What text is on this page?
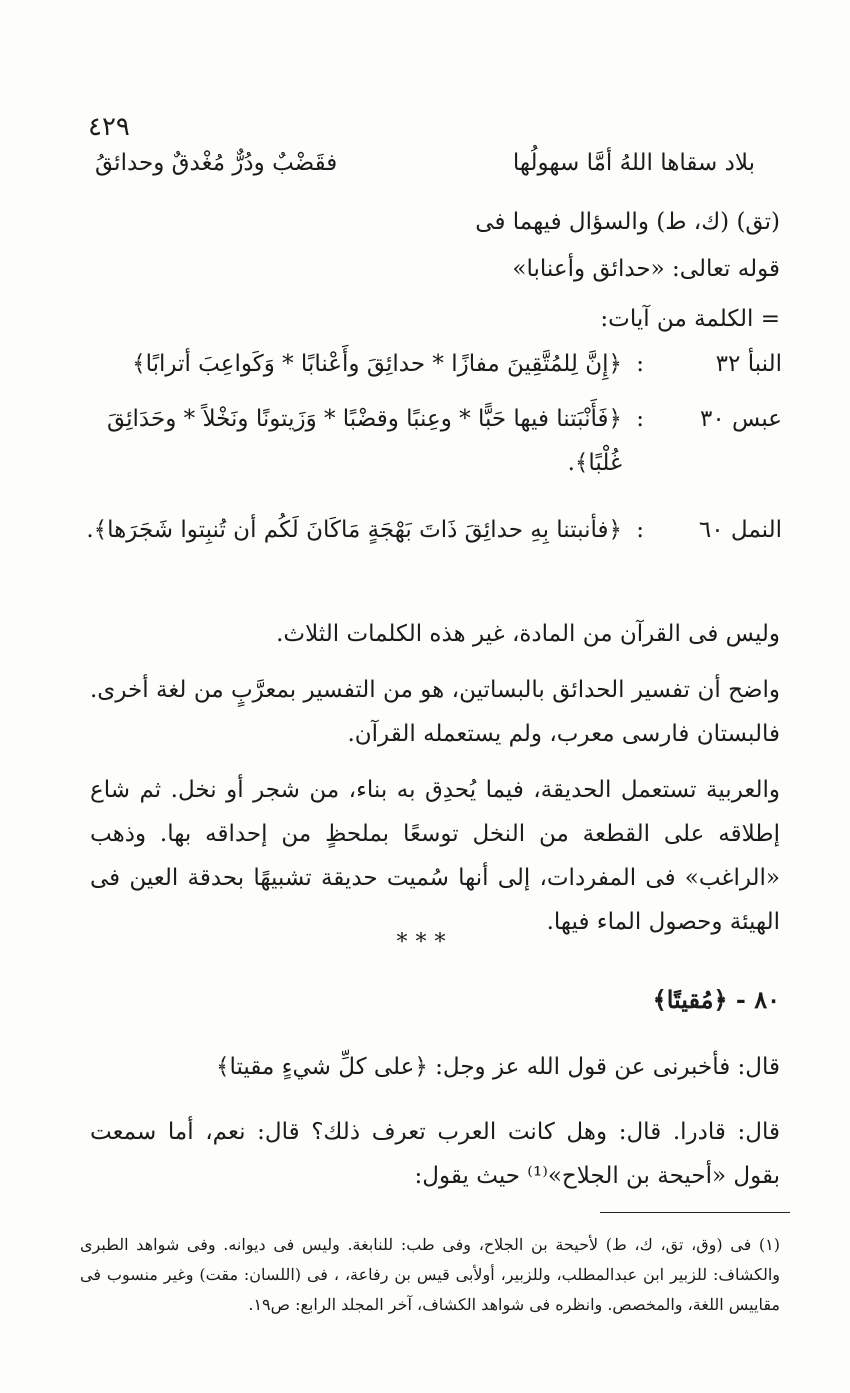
٤٢٩
بلاد سقاها اللهُ أمَّا سهولُها
فقَضْبٌ ودُرٌّ مُغْدقٌ وحدائقُ
(تق) (ك، ط) والسؤال فيهما فى
قوله تعالى: «حدائق وأعنابا»
= الكلمة من آيات:
النبأ ٣٢
:
﴿إِنَّ لِلمُتَّقِينَ مفازًا * حدائِقَ وأَعْنابًا * وَكَواعِبَ أترابًا﴾
عبس ٣٠
:
﴿فَأَنْبَتنا فيها حَبًّا * وعِنبًا وقضْبًا * وَزَيتونًا ونَخْلاً * وحَدَائِقَ غُلْبًا﴾.
النمل ٦٠
:
﴿فأنبتنا بِهِ حدائِقَ ذَاتَ بَهْجَةٍ مَاكَانَ لَكُم أن تُنبِتوا شَجَرَها﴾.
وليس فى القرآن من المادة، غير هذه الكلمات الثلاث.
واضح أن تفسير الحدائق بالبساتين، هو من التفسير بمعرَّبٍ من لغة أخرى. فالبستان فارسى معرب، ولم يستعمله القرآن.
والعربية تستعمل الحديقة، فيما يُحدِق به بناء، من شجر أو نخل. ثم شاع إطلاقه على القطعة من النخل توسعًا بملحظٍ من إحداقه بها. وذهب «الراغب» فى المفردات، إلى أنها سُميت حديقة تشبيهًا بحدقة العين فى الهيئة وحصول الماء فيها.
***
٨٠ - ﴿مُقيتًا﴾
قال: فأخبرنى عن قول الله عز وجل: ﴿على كلِّ شيءٍ مقيتا﴾
قال: قادرا. قال: وهل كانت العرب تعرف ذلك؟ قال: نعم، أما سمعت بقول «أحيحة بن الجلاح»⁽¹⁾ حيث يقول:
(١) فى (وق، تق، ك، ط) لأحيحة بن الجلاح، وفى طب: للنابغة. وليس فى ديوانه. وفى شواهد الطبرى والكشاف: للزبير ابن عبدالمطلب، وللزبير، أولأبى قيس بن رفاعة، ، فى (اللسان: مقت) وغير منسوب فى مقاييس اللغة، والمخصص. وانظره فى شواهد الكشاف، آخر المجلد الرابع: ص١٩.
